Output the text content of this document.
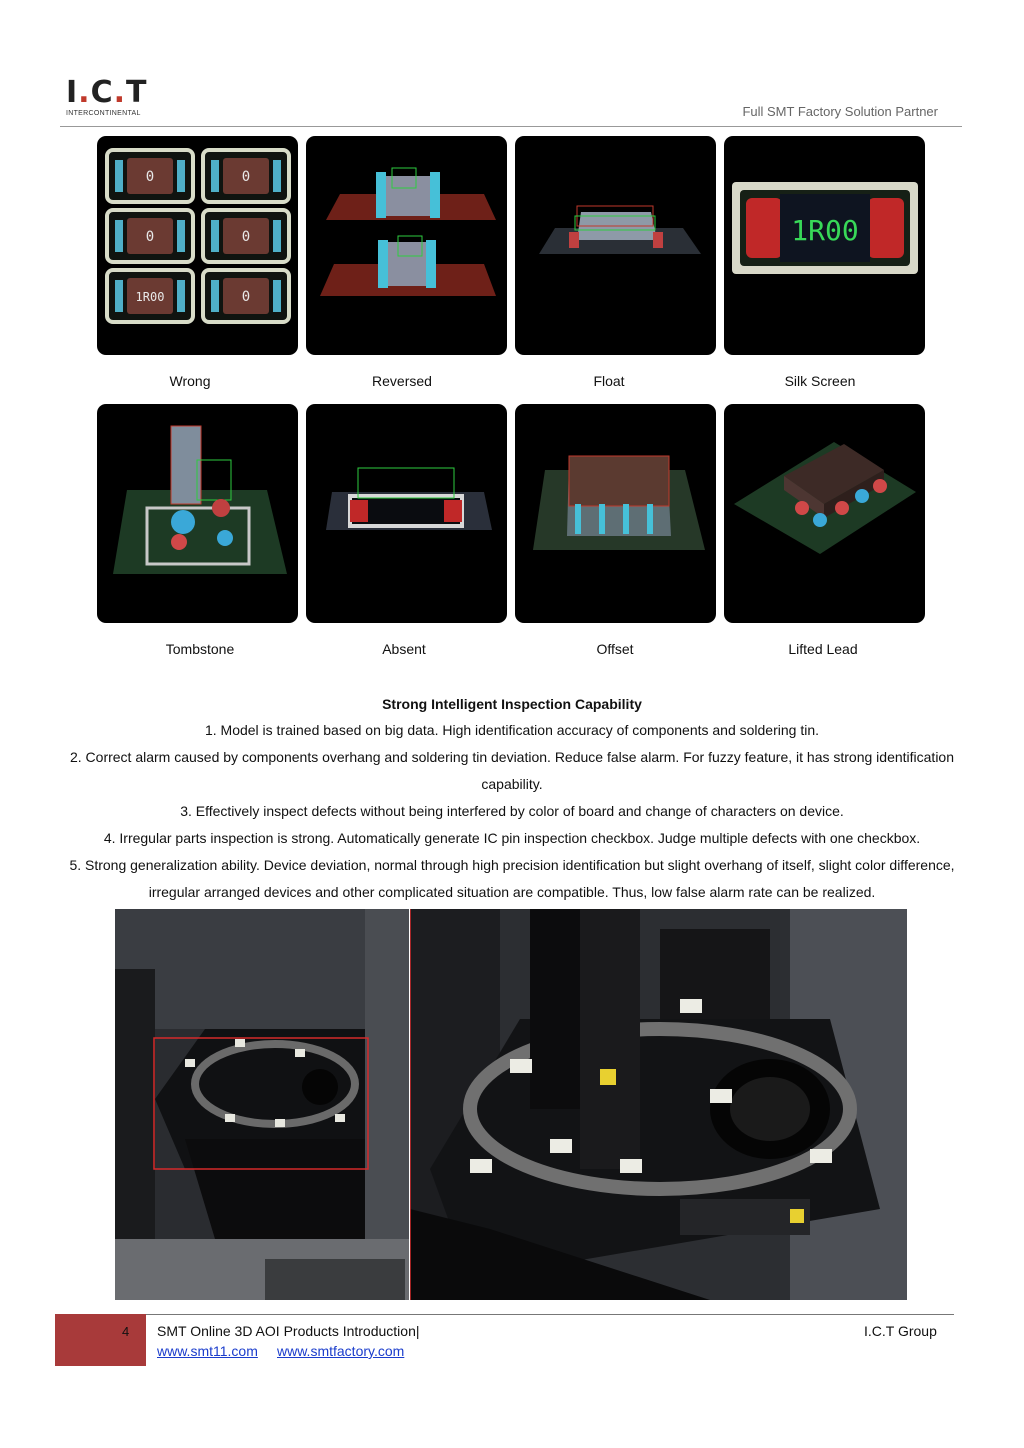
I.C.T
INTERCONTINENTAL	Full SMT Factory Solution Partner
0	0
0	0
1R00	0
1R00
Wrong	Reversed	Float	Silk Screen
Tombstone	Absent	Offset	Lifted Lead
Strong Intelligent Inspection Capability
1. Model is trained based on big data. High identification accuracy of components and soldering tin.
2. Correct alarm caused by components overhang and soldering tin deviation. Reduce false alarm. For fuzzy feature, it has strong identification capability.
3. Effectively inspect defects without being interfered by color of board and change of characters on device.
4. Irregular parts inspection is strong. Automatically generate IC pin inspection checkbox. Judge multiple defects with one checkbox.
5. Strong generalization ability. Device deviation, normal through high precision identification but slight overhang of itself, slight color difference, irregular arranged devices and other complicated situation are compatible. Thus, low false alarm rate can be realized.
4 SMT Online 3D AOI Products Introduction|	I.C.T Group
www.smt11.com www.smtfactory.com
